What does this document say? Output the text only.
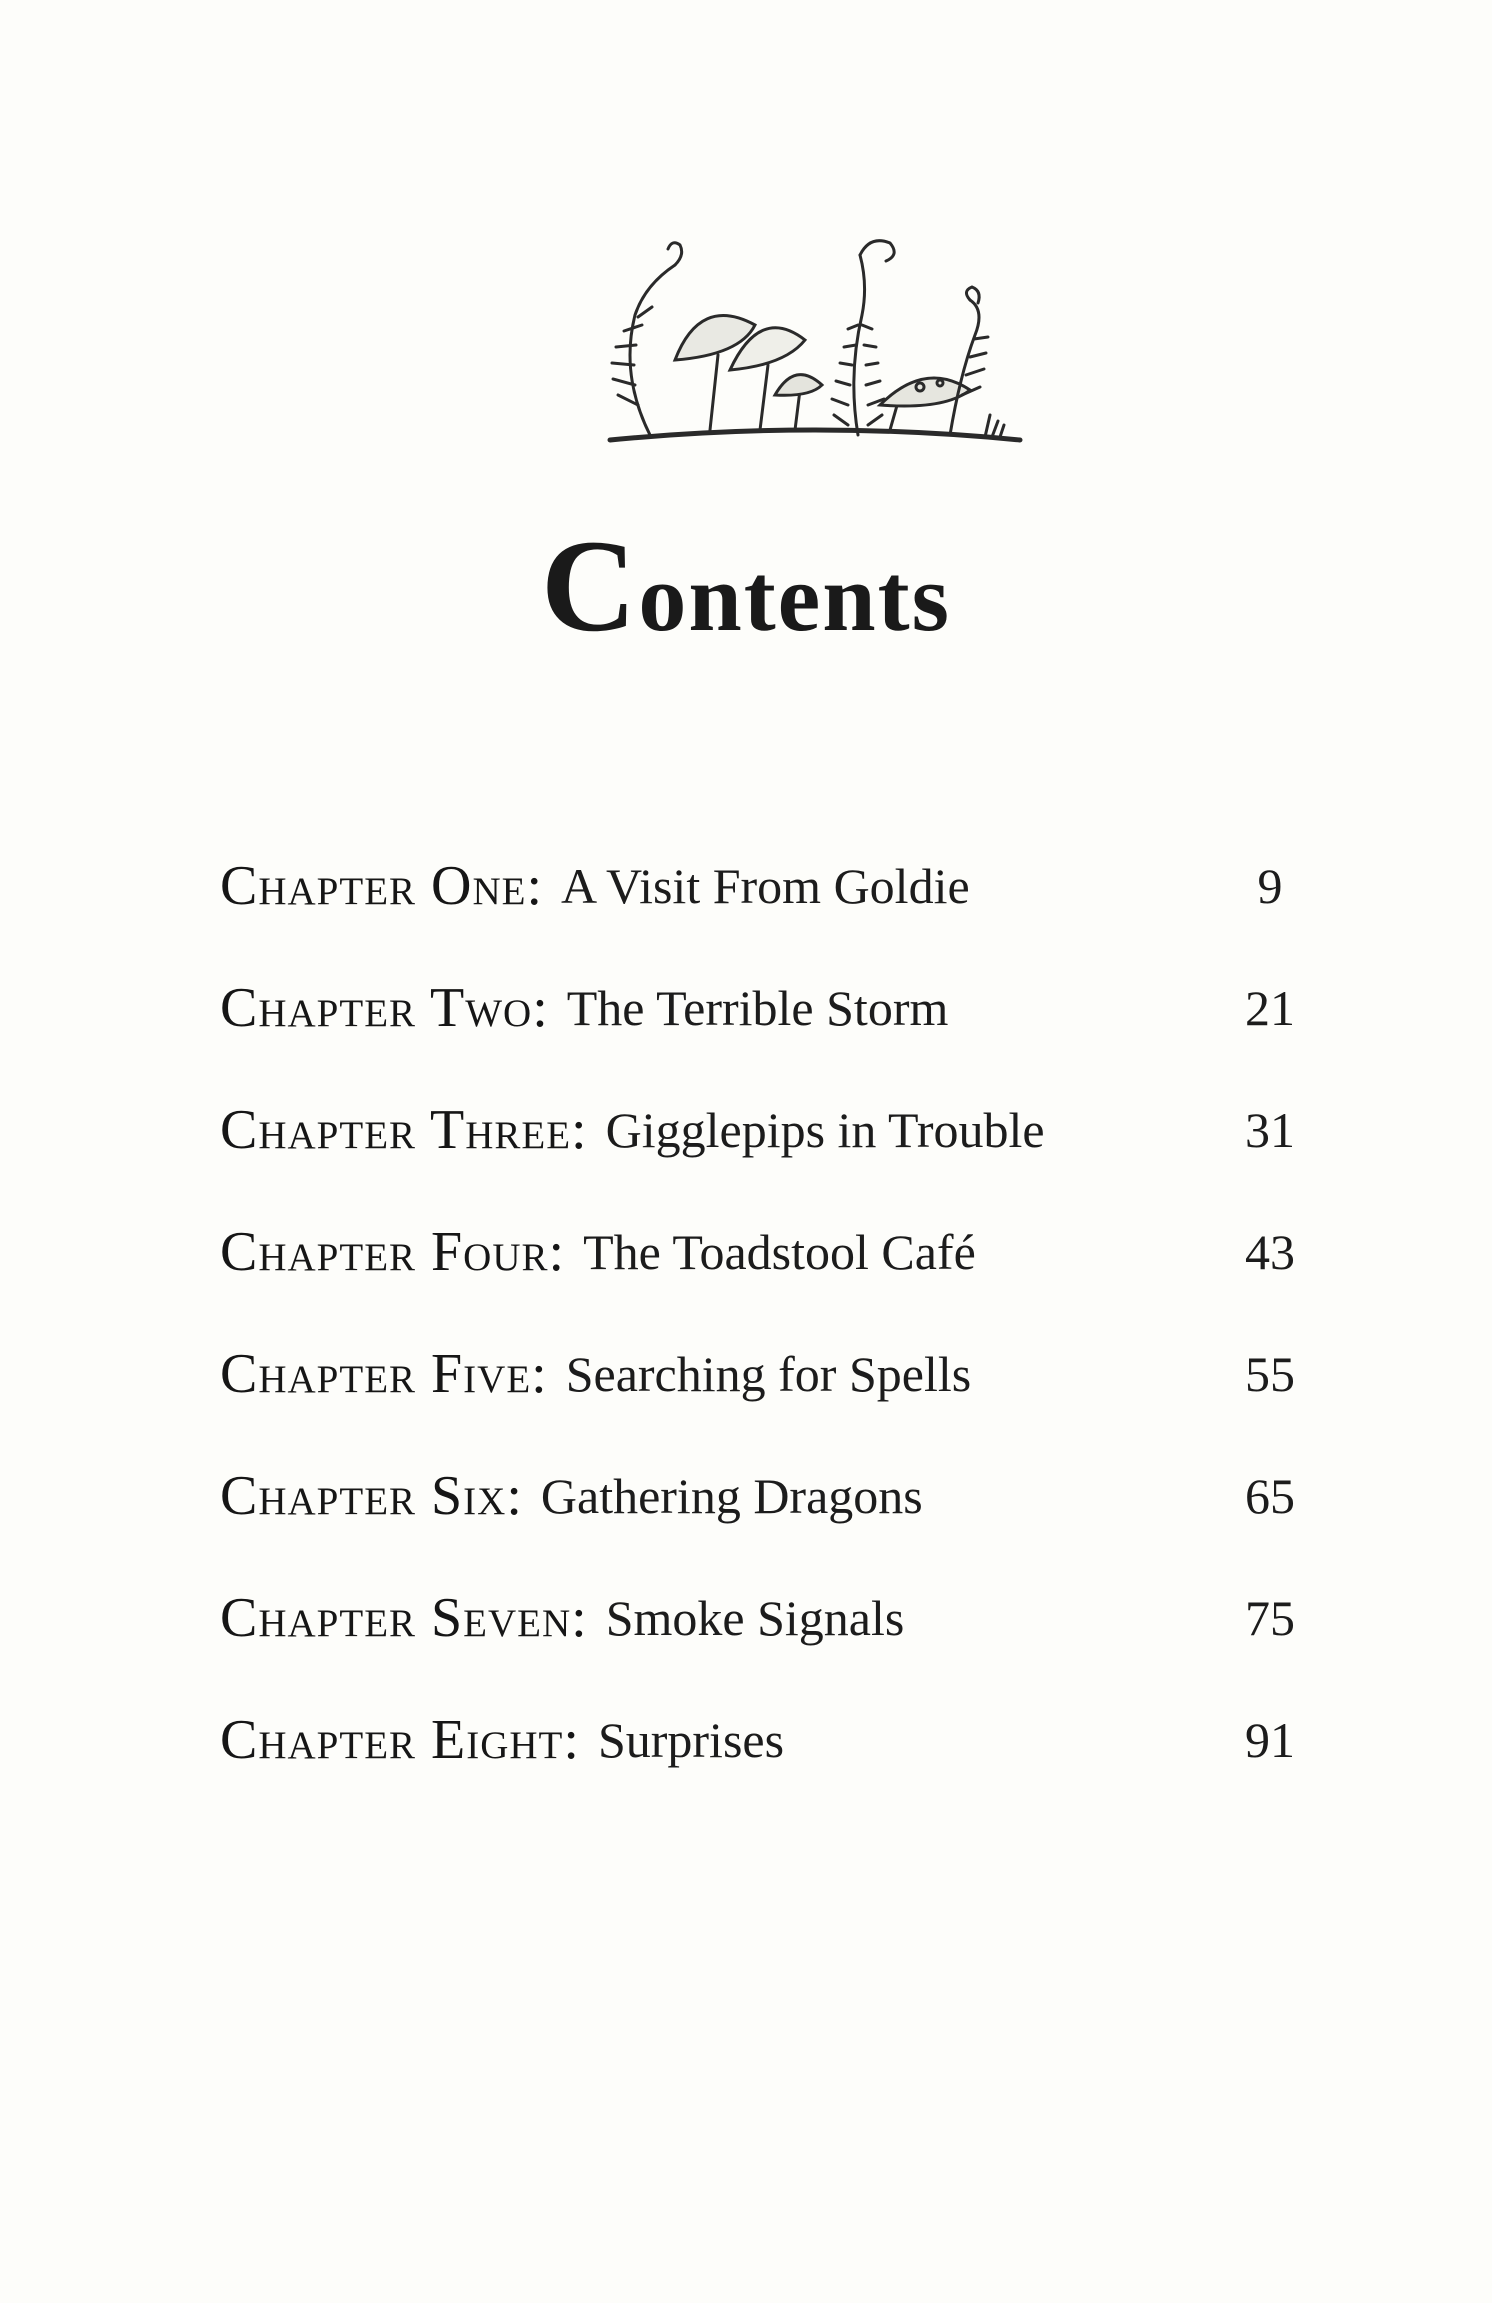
Contents
Chapter One: A Visit From Goldie	9
Chapter Two: The Terrible Storm	21
Chapter Three: Gigglepips in Trouble	31
Chapter Four: The Toadstool Café	43
Chapter Five: Searching for Spells	55
Chapter Six: Gathering Dragons	65
Chapter Seven: Smoke Signals	75
Chapter Eight: Surprises	91
